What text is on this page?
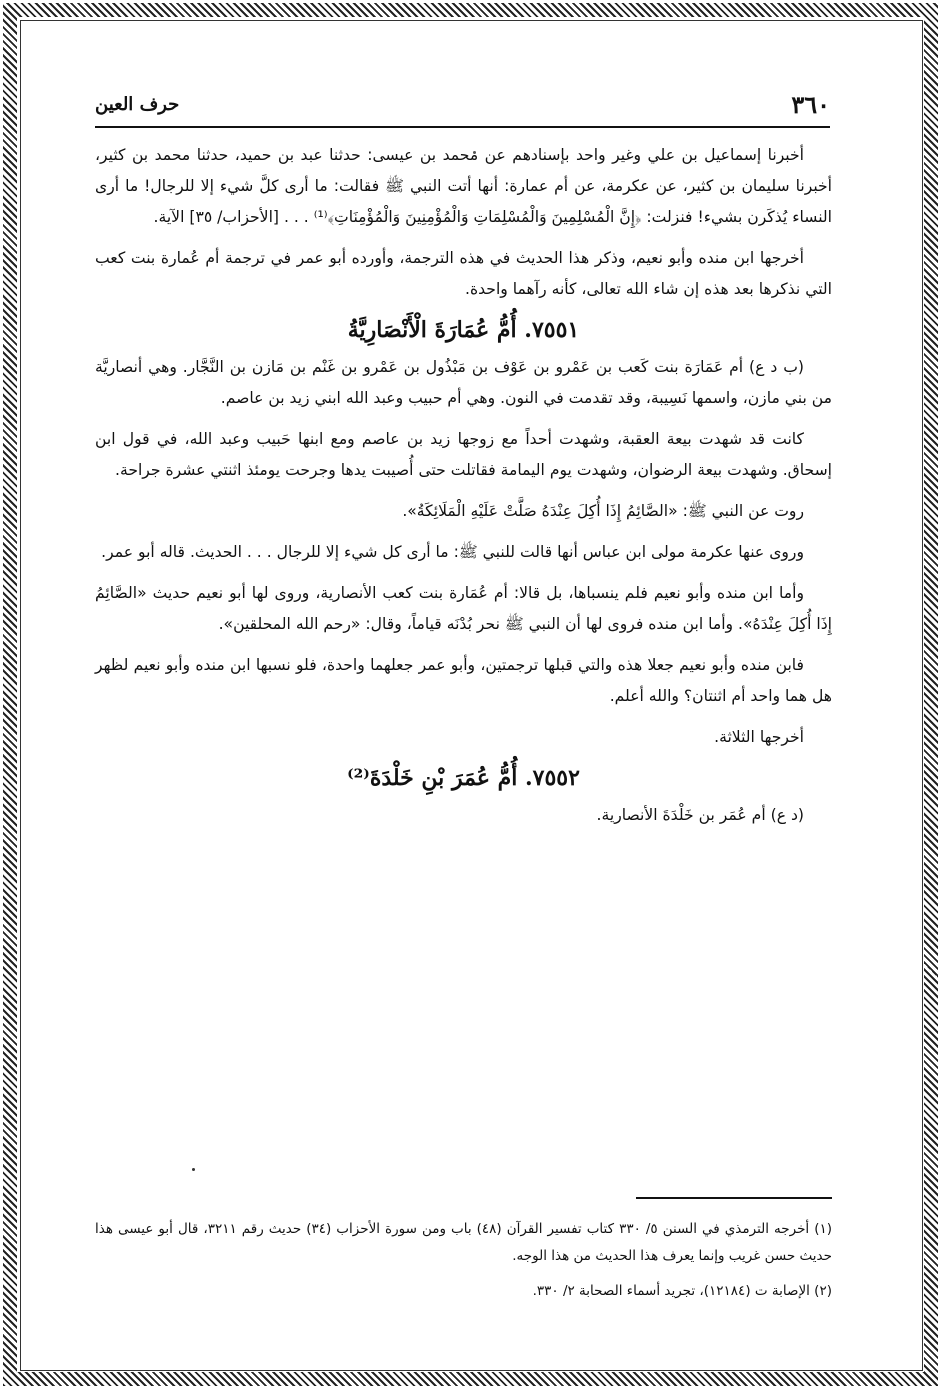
٣٦٠
حرف العين

أخبرنا إسماعيل بن علي وغير واحد بإسنادهم عن محمد بن عيسى: حدثنا عبد بن حميد، حدثنا محمد بن كثير، أخبرنا سليمان بن كثير، عن عكرمة، عن أم عمارة: أنها أتت النبي ﷺ فقالت: ما أرى كلَّ شيء إلا للرجال! ما أرى النساء يُذكَرن بشيء! فنزلت: ﴿إِنَّ الْمُسْلِمِينَ وَالْمُسْلِمَاتِ وَالْمُؤْمِنِينَ وَالْمُؤْمِنَاتِ﴾⁽¹⁾ . . . [الأحزاب/ ٣٥] الآية.

أخرجها ابن منده وأبو نعيم، وذكر هذا الحديث في هذه الترجمة، وأورده أبو عمر في ترجمة أم عُمارة بنت كعب التي نذكرها بعد هذه إن شاء الله تعالى، كأنه رآهما واحدة.

٧٥٥١. أُمُّ عُمَارَةَ الْأَنْصَارِيَّةُ

(ب د ع) أم عَمَارَة بنت كَعب بن عَمْرو بن عَوْف بن مَبْذُول بن عَمْرو بن غَنْم بن مَازن بن النَّجَّار. وهي أنصاريَّة من بني مازن، واسمها نَسِيبة، وقد تقدمت في النون. وهي أم حبيب وعبد الله ابني زيد بن عاصم.

كانت قد شهدت بيعة العقبة، وشهدت أحداً مع زوجها زيد بن عاصم ومع ابنها حَبيب وعبد الله، في قول ابن إسحاق. وشهدت بيعة الرضوان، وشهدت يوم اليمامة فقاتلت حتى أُصيبت يدها وجرحت يومئذ اثنتي عشرة جراحة.

روت عن النبي ﷺ: «الصَّائِمُ إِذَا أُكِلَ عِنْدَهُ صَلَّتْ عَلَيْهِ الْمَلَائِكَةُ».

وروى عنها عكرمة مولى ابن عباس أنها قالت للنبي ﷺ: ما أرى كل شيء إلا للرجال . . . الحديث. قاله أبو عمر.

وأما ابن منده وأبو نعيم فلم ينسباها، بل قالا: أم عُمَارة بنت كعب الأنصارية، وروى لها أبو نعيم حديث «الصَّائِمُ إِذَا أُكِلَ عِنْدَهُ». وأما ابن منده فروى لها أن النبي ﷺ نحر بُدْنَه قياماً، وقال: «رحم الله المحلقين».

فابن منده وأبو نعيم جعلا هذه والتي قبلها ترجمتين، وأبو عمر جعلهما واحدة، فلو نسبها ابن منده وأبو نعيم لظهر هل هما واحد أم اثنتان؟ والله أعلم.

أخرجها الثلاثة.

٧٥٥٢. أُمُّ عُمَرَ بْنِ خَلْدَةَ⁽²⁾

(د ع) أم عُمَر بن خَلْدَةَ الأنصارية.

(١) أخرجه الترمذي في السنن ٥/ ٣٣٠ كتاب تفسير القرآن (٤٨) باب ومن سورة الأحزاب (٣٤) حديث رقم ٣٢١١، قال أبو عيسى هذا حديث حسن غريب وإنما يعرف هذا الحديث من هذا الوجه.

(٢) الإصابة ت (١٢١٨٤)، تجريد أسماء الصحابة ٢/ ٣٣٠.
